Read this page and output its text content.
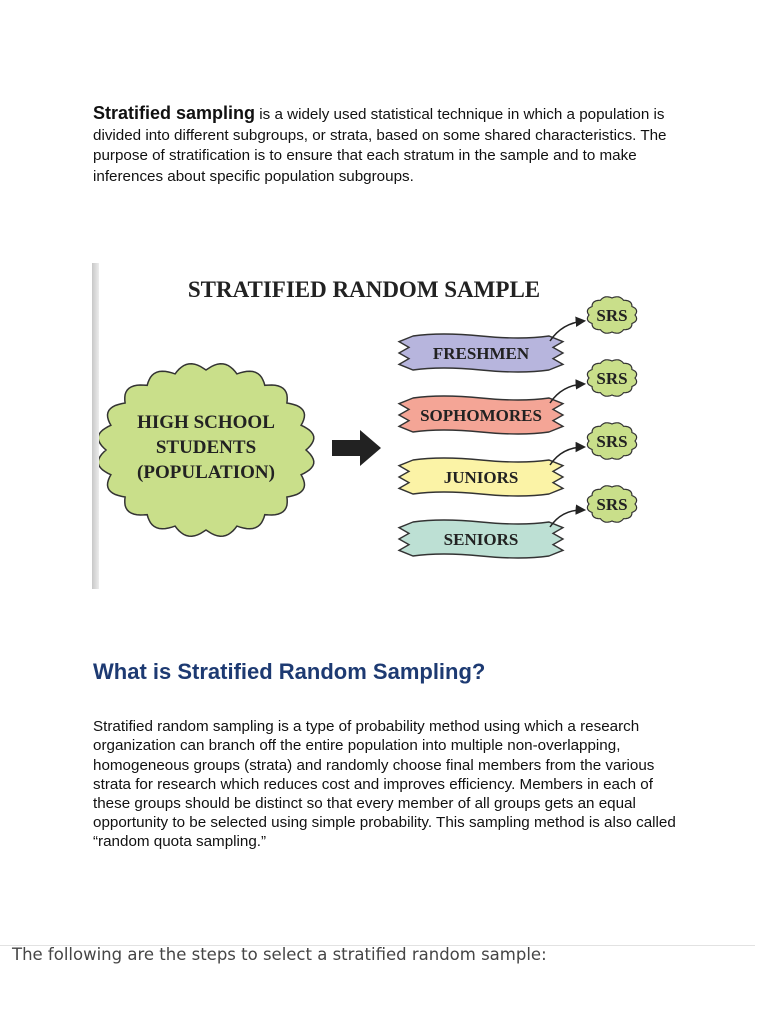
Stratified sampling is a widely used statistical technique in which a population is divided into different subgroups, or strata, based on some shared characteristics. The purpose of stratification is to ensure that each stratum in the sample and to make inferences about specific population subgroups.

STRATIFIED RANDOM SAMPLE
HIGH SCHOOL
STUDENTS
(POPULATION)
FRESHMEN
SOPHOMORES
JUNIORS
SENIORS
SRS
SRS
SRS
SRS
What is Stratified Random Sampling?

Stratified random sampling is a type of probability method using which a research organization can branch off the entire population into multiple non-overlapping, homogeneous groups (strata) and randomly choose final members from the various strata for research which reduces cost and improves efficiency. Members in each of these groups should be distinct so that every member of all groups gets an equal opportunity to be selected using simple probability. This sampling method is also called “random quota sampling.”

The following are the steps to select a stratified random sample:
